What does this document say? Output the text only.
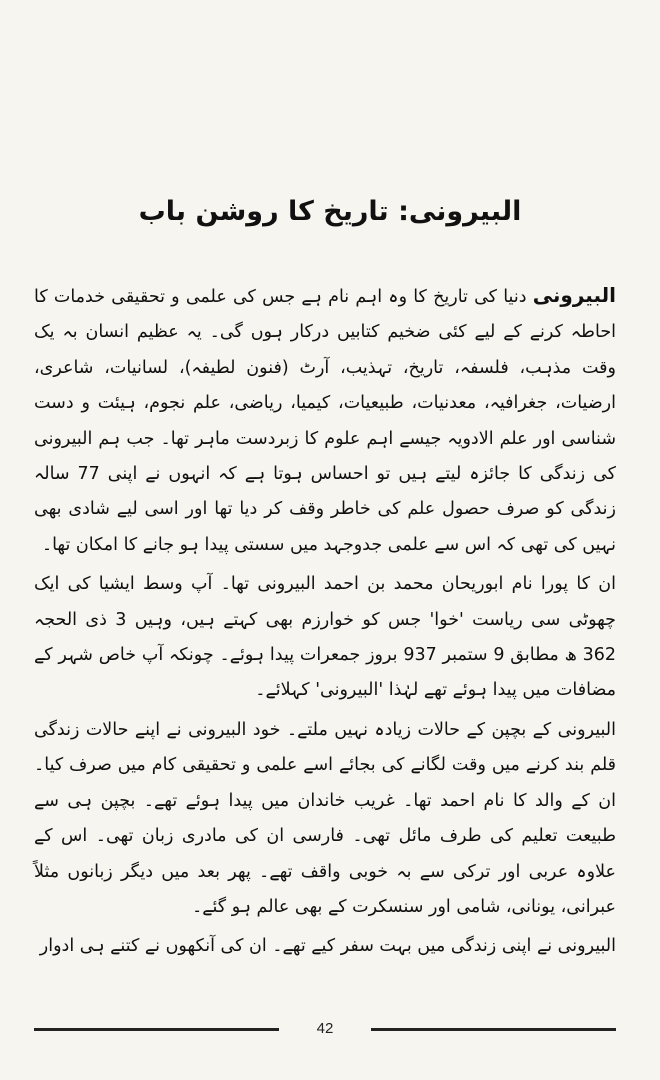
البیرونی: تاریخ کا روشن باب

البیرونی دنیا کی تاریخ کا وہ اہم نام ہے جس کی علمی و تحقیقی خدمات کا احاطہ کرنے کے لیے کئی ضخیم کتابیں درکار ہوں گی۔ یہ عظیم انسان بہ یک وقت مذہب، فلسفہ، تاریخ، تہذیب، آرٹ (فنون لطیفہ)، لسانیات، شاعری، ارضیات، جغرافیہ، معدنیات، طبیعیات، کیمیا، ریاضی، علم نجوم، ہیئت و دست شناسی اور علم الادویہ جیسے اہم علوم کا زبردست ماہر تھا۔ جب ہم البیرونی کی زندگی کا جائزہ لیتے ہیں تو احساس ہوتا ہے کہ انہوں نے اپنی 77 سالہ زندگی کو صرف حصول علم کی خاطر وقف کر دیا تھا اور اسی لیے شادی بھی نہیں کی تھی کہ اس سے علمی جدوجہد میں سستی پیدا ہو جانے کا امکان تھا۔

ان کا پورا نام ابوریحان محمد بن احمد البیرونی تھا۔ آپ وسط ایشیا کی ایک چھوٹی سی ریاست 'خوا' جس کو خوارزم بھی کہتے ہیں، وہیں 3 ذی الحجہ 362 ھ مطابق 9 ستمبر 937 بروز جمعرات پیدا ہوئے۔ چونکہ آپ خاص شہر کے مضافات میں پیدا ہوئے تھے لہٰذا 'البیرونی' کہلائے۔

البیرونی کے بچپن کے حالات زیادہ نہیں ملتے۔ خود البیرونی نے اپنے حالات زندگی قلم بند کرنے میں وقت لگانے کی بجائے اسے علمی و تحقیقی کام میں صرف کیا۔ ان کے والد کا نام احمد تھا۔ غریب خاندان میں پیدا ہوئے تھے۔ بچپن ہی سے طبیعت تعلیم کی طرف مائل تھی۔ فارسی ان کی مادری زبان تھی۔ اس کے علاوہ عربی اور ترکی سے بہ خوبی واقف تھے۔ پھر بعد میں دیگر زبانوں مثلاً عبرانی، یونانی، شامی اور سنسکرت کے بھی عالم ہو گئے۔

البیرونی نے اپنی زندگی میں بہت سفر کیے تھے۔ ان کی آنکھوں نے کتنے ہی ادوار

42
